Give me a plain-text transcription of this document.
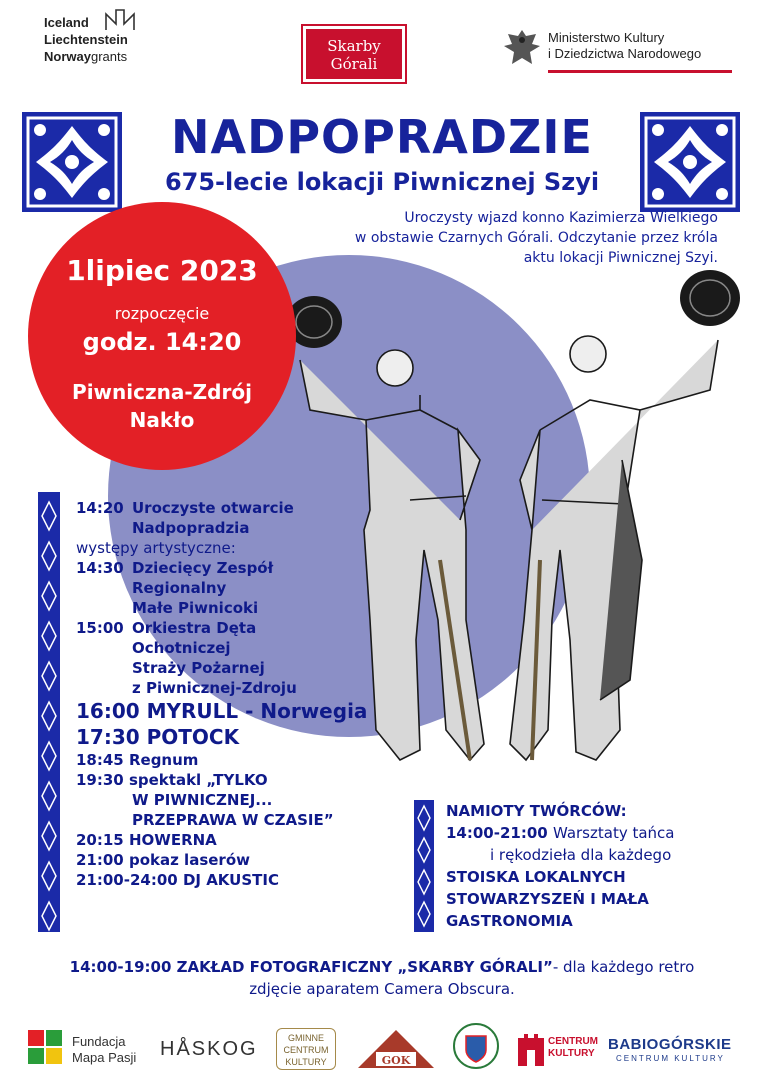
Iceland
Liechtenstein
Norwaygrants
Skarby
Górali
Ministerstwo Kultury
i Dziedzictwa Narodowego
NADPOPRADZIE
675-lecie lokacji Piwnicznej Szyi
Uroczysty wjazd konno Kazimierza Wielkiego
w obstawie Czarnych Górali. Odczytanie przez króla
aktu lokacji Piwnicznej Szyi.
1lipiec 2023
rozpoczęcie
godz. 14:20
Piwniczna-Zdrój
Nakło
14:20 Uroczyste otwarcie
Nadpopradzia
występy artystyczne:
14:30 Dziecięcy Zespół
Regionalny
Małe Piwnicoki
15:00 Orkiestra Dęta
Ochotniczej
Straży Pożarnej
z Piwnicznej-Zdroju
16:00 MYRULL - Norwegia
17:30 POTOCK
18:45 Regnum
19:30 spektakl „TYLKO
W PIWNICZNEJ...
PRZEPRAWA W CZASIE”
20:15 HOWERNA
21:00 pokaz laserów
21:00-24:00 DJ AKUSTIC
NAMIOTY TWÓRCÓW:
14:00-21:00 Warsztaty tańca
i rękodzieła dla każdego
STOISKA LOKALNYCH
STOWARZYSZEŃ I MAŁA
GASTRONOMIA
14:00-19:00 ZAKŁAD FOTOGRAFICZNY „SKARBY GÓRALI”- dla każdego retro
zdjęcie aparatem Camera Obscura.
Fundacja
Mapa Pasji HÅSKOG	GMINNE
CENTRUM
KULTURY	GOK
CENTRUM
KULTURY
BABIOGÓRSKIE
CENTRUM KULTURY
